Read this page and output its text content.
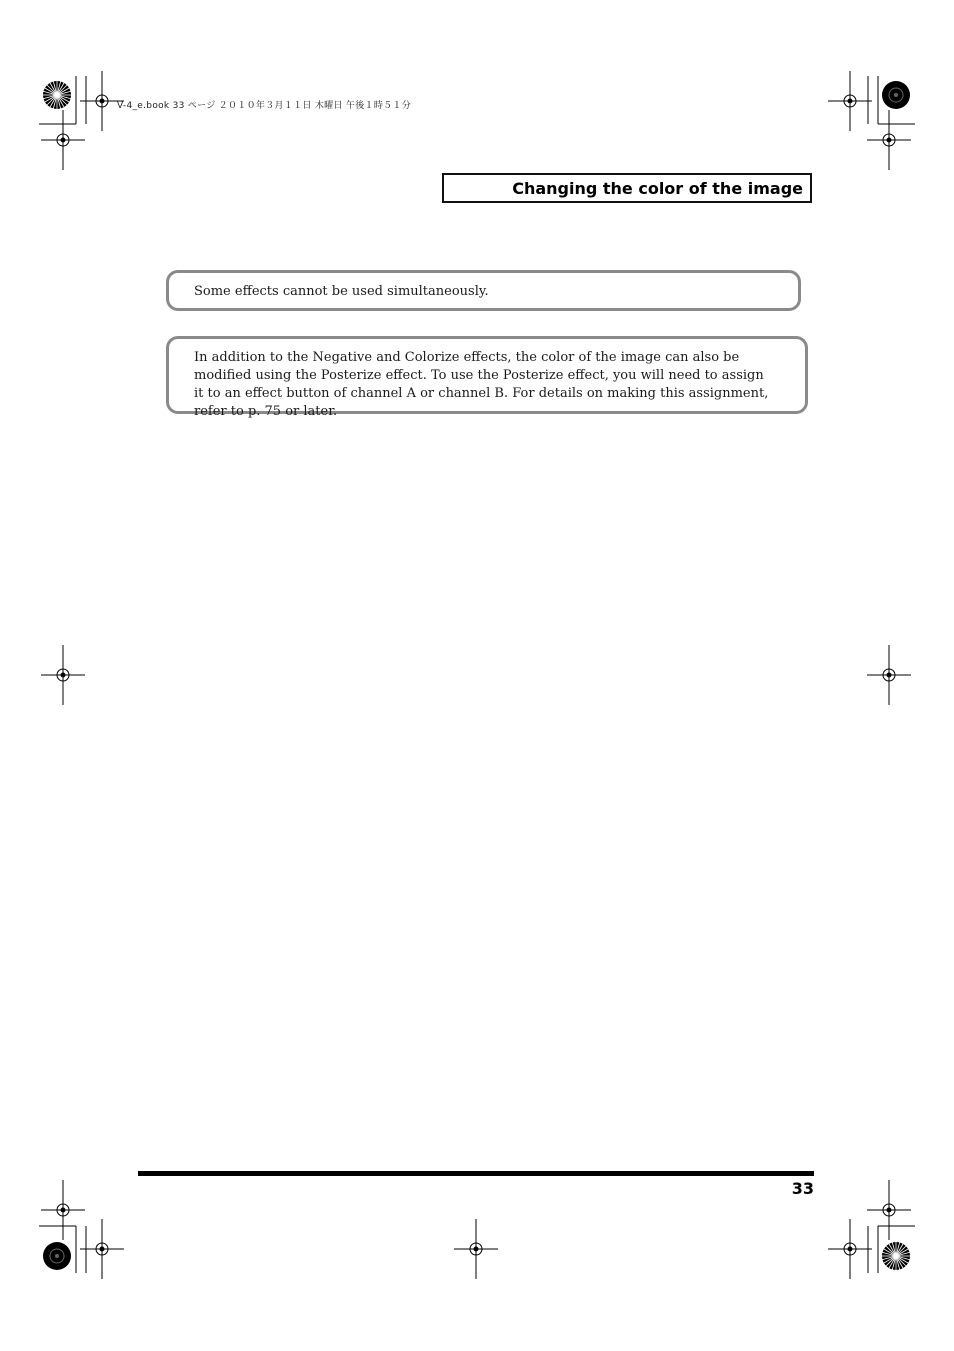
V-4_e.book 33 ページ ２０１０年３月１１日 木曜日 午後１時５１分
Changing the color of the image
Some effects cannot be used simultaneously.

In addition to the Negative and Colorize effects, the color of the image can also be modified using the Posterize effect. To use the Posterize effect, you will need to assign it to an effect button of channel A or channel B. For details on making this assignment, refer to p. 75 or later.

33
